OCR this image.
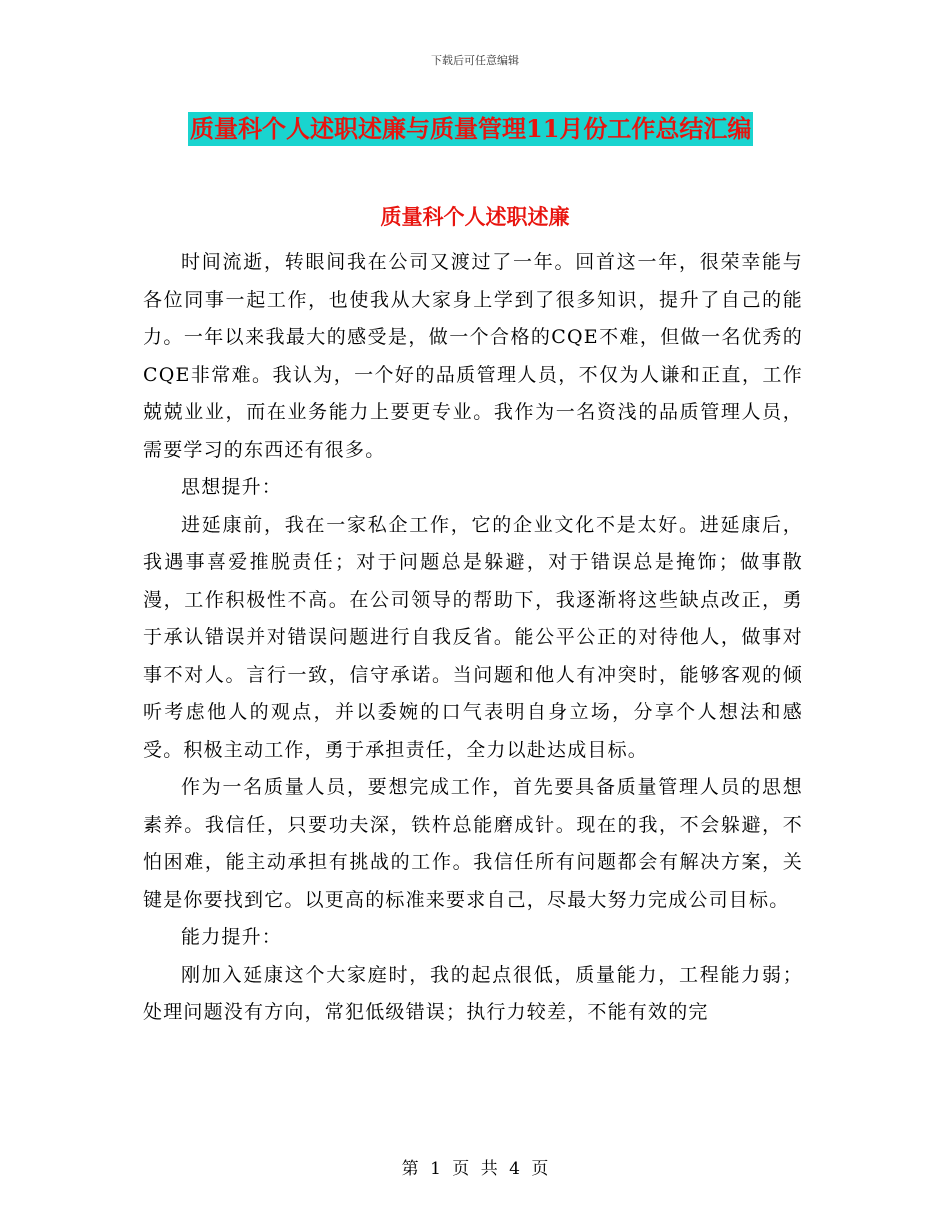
下载后可任意编辑
质量科个人述职述廉与质量管理11月份工作总结汇编
质量科个人述职述廉

时间流逝，转眼间我在公司又渡过了一年。回首这一年，很荣幸能与各位同事一起工作，也使我从大家身上学到了很多知识，提升了自己的能力。一年以来我最大的感受是，做一个合格的CQE不难，但做一名优秀的CQE非常难。我认为，一个好的品质管理人员，不仅为人谦和正直，工作兢兢业业，而在业务能力上要更专业。我作为一名资浅的品质管理人员，需要学习的东西还有很多。

思想提升：

进延康前，我在一家私企工作，它的企业文化不是太好。进延康后，我遇事喜爱推脱责任；对于问题总是躲避，对于错误总是掩饰；做事散漫，工作积极性不高。在公司领导的帮助下，我逐渐将这些缺点改正，勇于承认错误并对错误问题进行自我反省。能公平公正的对待他人，做事对事不对人。言行一致，信守承诺。当问题和他人有冲突时，能够客观的倾听考虑他人的观点，并以委婉的口气表明自身立场，分享个人想法和感受。积极主动工作，勇于承担责任，全力以赴达成目标。

作为一名质量人员，要想完成工作，首先要具备质量管理人员的思想素养。我信任，只要功夫深，铁杵总能磨成针。现在的我，不会躲避，不怕困难，能主动承担有挑战的工作。我信任所有问题都会有解决方案，关键是你要找到它。以更高的标准来要求自己，尽最大努力完成公司目标。

能力提升：

刚加入延康这个大家庭时，我的起点很低，质量能力，工程能力弱；处理问题没有方向，常犯低级错误；执行力较差，不能有效的完

第 1 页 共 4 页
